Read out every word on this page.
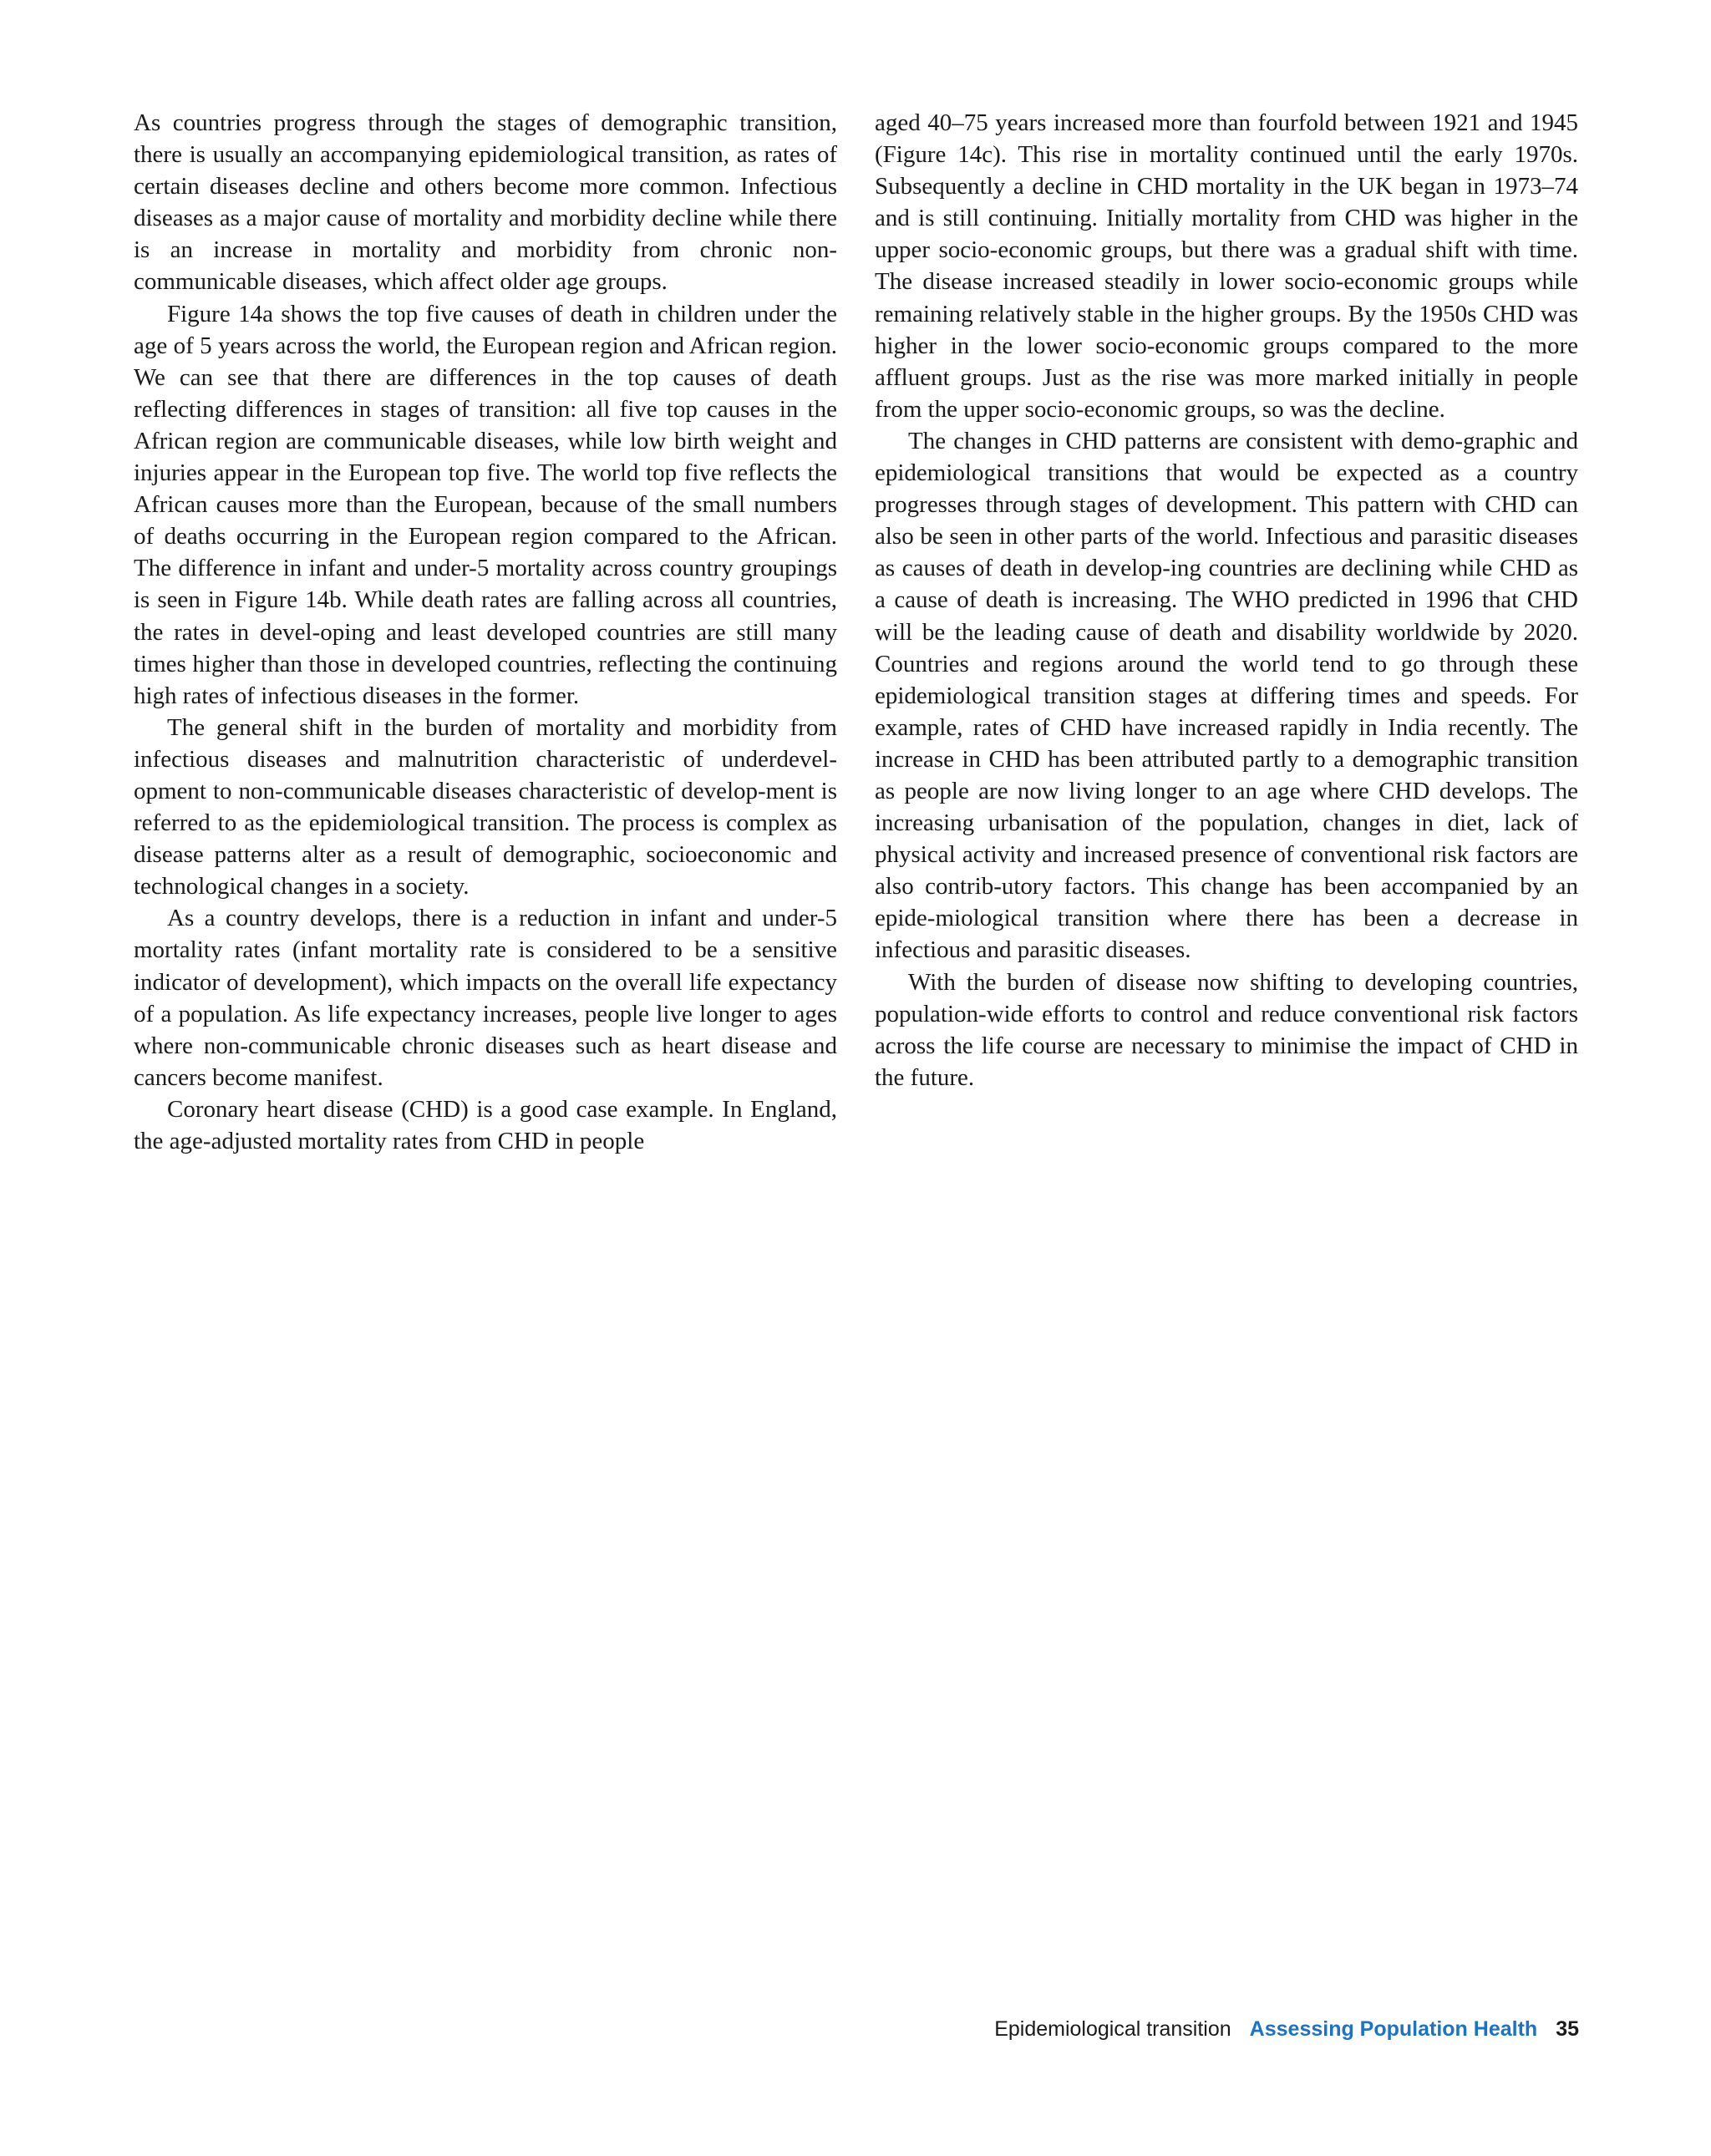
As countries progress through the stages of demographic transition, there is usually an accompanying epidemiological transition, as rates of certain diseases decline and others become more common. Infectious diseases as a major cause of mortality and morbidity decline while there is an increase in mortality and morbidity from chronic non-communicable diseases, which affect older age groups.

Figure 14a shows the top five causes of death in children under the age of 5 years across the world, the European region and African region. We can see that there are differences in the top causes of death reflecting differences in stages of transition: all five top causes in the African region are communicable diseases, while low birth weight and injuries appear in the European top five. The world top five reflects the African causes more than the European, because of the small numbers of deaths occurring in the European region compared to the African. The difference in infant and under-5 mortality across country groupings is seen in Figure 14b. While death rates are falling across all countries, the rates in devel-oping and least developed countries are still many times higher than those in developed countries, reflecting the continuing high rates of infectious diseases in the former.

The general shift in the burden of mortality and morbidity from infectious diseases and malnutrition characteristic of underdevel-opment to non-communicable diseases characteristic of develop-ment is referred to as the epidemiological transition. The process is complex as disease patterns alter as a result of demographic, socioeconomic and technological changes in a society.

As a country develops, there is a reduction in infant and under-5 mortality rates (infant mortality rate is considered to be a sensitive indicator of development), which impacts on the overall life expectancy of a population. As life expectancy increases, people live longer to ages where non-communicable chronic diseases such as heart disease and cancers become manifest.

Coronary heart disease (CHD) is a good case example. In England, the age-adjusted mortality rates from CHD in people

aged 40–75 years increased more than fourfold between 1921 and 1945 (Figure 14c). This rise in mortality continued until the early 1970s. Subsequently a decline in CHD mortality in the UK began in 1973–74 and is still continuing. Initially mortality from CHD was higher in the upper socio-economic groups, but there was a gradual shift with time. The disease increased steadily in lower socio-economic groups while remaining relatively stable in the higher groups. By the 1950s CHD was higher in the lower socio-economic groups compared to the more affluent groups. Just as the rise was more marked initially in people from the upper socio-economic groups, so was the decline.

The changes in CHD patterns are consistent with demo-graphic and epidemiological transitions that would be expected as a country progresses through stages of development. This pattern with CHD can also be seen in other parts of the world. Infectious and parasitic diseases as causes of death in develop-ing countries are declining while CHD as a cause of death is increasing. The WHO predicted in 1996 that CHD will be the leading cause of death and disability worldwide by 2020. Countries and regions around the world tend to go through these epidemiological transition stages at differing times and speeds. For example, rates of CHD have increased rapidly in India recently. The increase in CHD has been attributed partly to a demographic transition as people are now living longer to an age where CHD develops. The increasing urbanisation of the population, changes in diet, lack of physical activity and increased presence of conventional risk factors are also contrib-utory factors. This change has been accompanied by an epide-miological transition where there has been a decrease in infectious and parasitic diseases.

With the burden of disease now shifting to developing countries, population-wide efforts to control and reduce conventional risk factors across the life course are necessary to minimise the impact of CHD in the future.

Epidemiological transition Assessing Population Health 35
